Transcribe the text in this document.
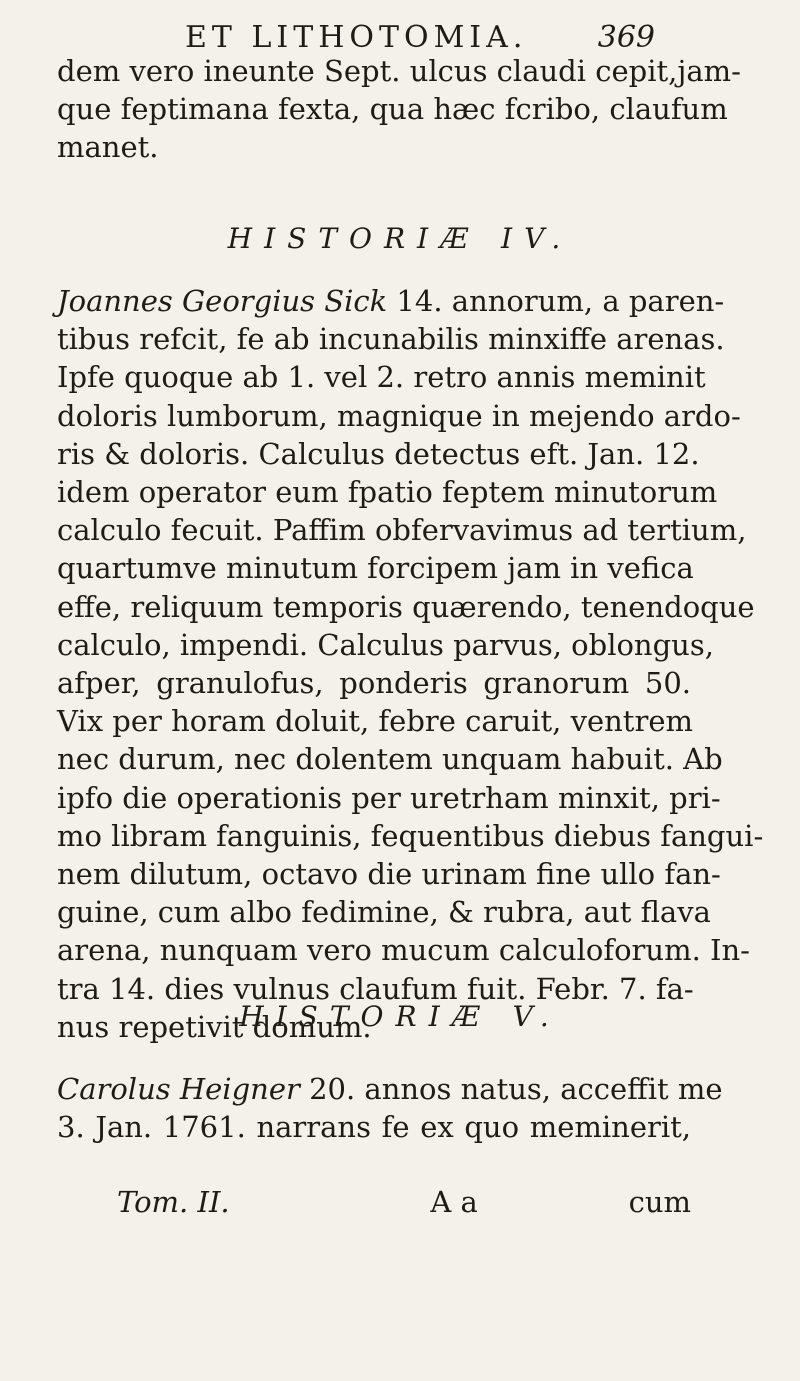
ET LITHOTOMIA. 369
dem vero ineunte Sept. ulcus claudi cepit,jam-
que feptimana fexta, qua hæc fcribo, claufum
manet.
HISTORIÆ IV.
Joannes Georgius Sick 14. annorum, a paren-
tibus refcit, fe ab incunabilis minxiffe arenas.
Ipfe quoque ab 1. vel 2. retro annis meminit
doloris lumborum, magnique in mejendo ardo-
ris & doloris. Calculus detectus eft. Jan. 12.
idem operator eum fpatio feptem minutorum
calculo fecuit. Paffim obfervavimus ad tertium,
quartumve minutum forcipem jam in vefica
effe, reliquum temporis quærendo, tenendoque
calculo, impendi. Calculus parvus, oblongus,
afper, granulofus, ponderis granorum 50.
Vix per horam doluit, febre caruit, ventrem
nec durum, nec dolentem unquam habuit. Ab
ipfo die operationis per uretrham minxit, pri-
mo libram fanguinis, fequentibus diebus fangui-
nem dilutum, octavo die urinam fine ullo fan-
guine, cum albo fedimine, & rubra, aut flava
arena, nunquam vero mucum calculoforum. In-
tra 14. dies vulnus claufum fuit. Febr. 7. fa-
nus repetivit domum.
HISTORIÆ V.
Carolus Heigner 20. annos natus, acceffit me
3. Jan. 1761. narrans fe ex quo meminerit,
Tom. II.	A a	cum
